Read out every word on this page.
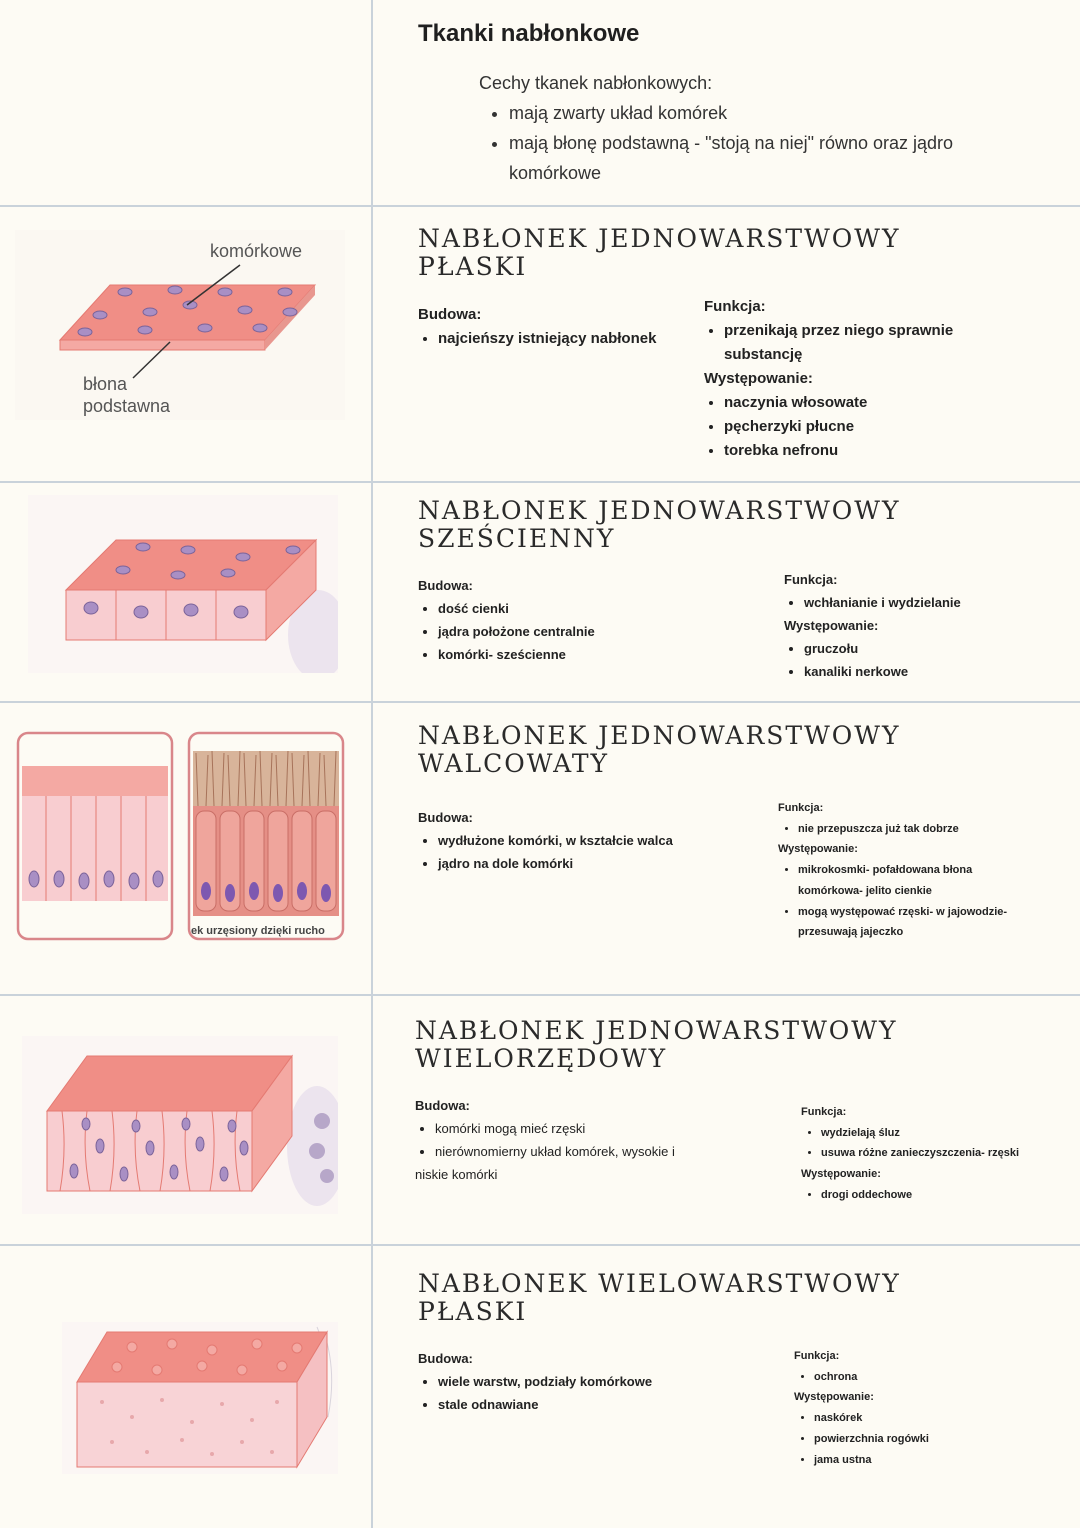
Tkanki nabłonkowe
Cechy tkanek nabłonkowych:
• mają zwarty układ komórek
• mają błonę podstawną - "stoją na niej" równo oraz jądro komórkowe
komórkowe
błona
podstawna
NABŁONEK JEDNOWARSTWOWY
PŁASKI
Budowa:
• najcieńszy istniejący nabłonek
Funkcja:
• przenikają przez niego sprawnie substancję
Występowanie:
• naczynia włosowate
• pęcherzyki płucne
• torebka nefronu
NABŁONEK JEDNOWARSTWOWY
SZEŚCIENNY
Budowa:
• dość cienki
• jądra położone centralnie
• komórki- sześcienne
Funkcja:
• wchłanianie i wydzielanie
Występowanie:
• gruczołu
• kanaliki nerkowe
ek urzęsiony dzięki rucho
NABŁONEK JEDNOWARSTWOWY
WALCOWATY
Budowa:
• wydłużone komórki, w kształcie walca
• jądro na dole komórki
Funkcja:
• nie przepuszcza już tak dobrze
Występowanie:
• mikrokosmki- pofałdowana błona komórkowa- jelito cienkie
• mogą występować rzęski- w jajowodzie- przesuwają jajeczko
NABŁONEK JEDNOWARSTWOWY
WIELORZĘDOWY
Budowa:
• komórki mogą mieć rzęski
• nierównomierny układ komórek, wysokie i
niskie komórki
Funkcja:
• wydzielają śluz
• usuwa różne zanieczyszczenia- rzęski
Występowanie:
• drogi oddechowe
NABŁONEK WIELOWARSTWOWY
PŁASKI
Budowa:
• wiele warstw, podziały komórkowe
• stale odnawiane
Funkcja:
• ochrona
Występowanie:
• naskórek
• powierzchnia rogówki
• jama ustna
